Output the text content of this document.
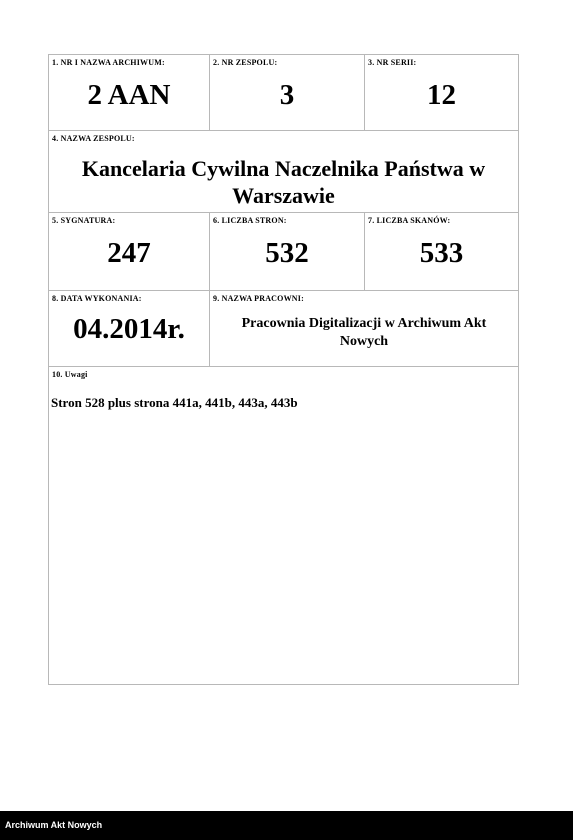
1. NR I NAZWA ARCHIWUM:
2 AAN
2. NR ZESPOLU:
3
3. NR SERII:
12
4. NAZWA ZESPOLU:
Kancelaria Cywilna Naczelnika Państwa w Warszawie
5. SYGNATURA:
247
6. LICZBA STRON:
532
7. LICZBA SKANÓW:
533
8. DATA WYKONANIA:
04.2014r.
9. NAZWA PRACOWNI:
Pracownia Digitalizacji w Archiwum Akt Nowych
10. Uwagi
Stron 528 plus strona 441a, 441b, 443a, 443b
Archiwum Akt Nowych
